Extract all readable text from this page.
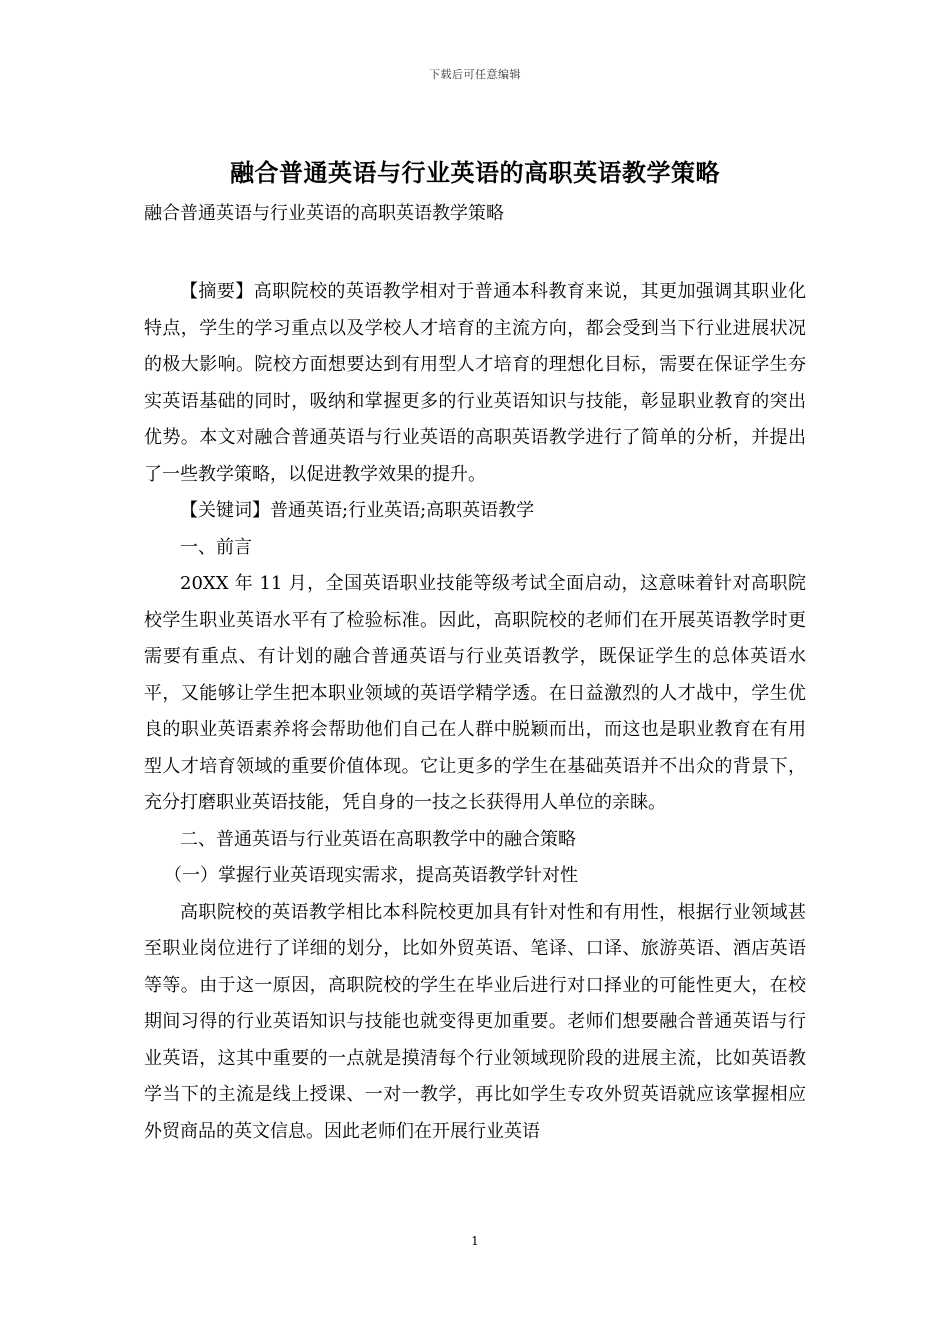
下载后可任意编辑
融合普通英语与行业英语的高职英语教学策略
融合普通英语与行业英语的高职英语教学策略

【摘要】高职院校的英语教学相对于普通本科教育来说，其更加强调其职业化特点，学生的学习重点以及学校人才培育的主流方向，都会受到当下行业进展状况的极大影响。院校方面想要达到有用型人才培育的理想化目标，需要在保证学生夯实英语基础的同时，吸纳和掌握更多的行业英语知识与技能，彰显职业教育的突出优势。本文对融合普通英语与行业英语的高职英语教学进行了简单的分析，并提出了一些教学策略，以促进教学效果的提升。

【关键词】普通英语;行业英语;高职英语教学

一、前言

20XX 年 11 月，全国英语职业技能等级考试全面启动，这意味着针对高职院校学生职业英语水平有了检验标准。因此，高职院校的老师们在开展英语教学时更需要有重点、有计划的融合普通英语与行业英语教学，既保证学生的总体英语水平，又能够让学生把本职业领域的英语学精学透。在日益激烈的人才战中，学生优良的职业英语素养将会帮助他们自己在人群中脱颖而出，而这也是职业教育在有用型人才培育领域的重要价值体现。它让更多的学生在基础英语并不出众的背景下，充分打磨职业英语技能，凭自身的一技之长获得用人单位的亲睐。

二、普通英语与行业英语在高职教学中的融合策略

（一）掌握行业英语现实需求，提高英语教学针对性

高职院校的英语教学相比本科院校更加具有针对性和有用性，根据行业领域甚至职业岗位进行了详细的划分，比如外贸英语、笔译、口译、旅游英语、酒店英语等等。由于这一原因，高职院校的学生在毕业后进行对口择业的可能性更大，在校期间习得的行业英语知识与技能也就变得更加重要。老师们想要融合普通英语与行业英语，这其中重要的一点就是摸清每个行业领域现阶段的进展主流，比如英语教学当下的主流是线上授课、一对一教学，再比如学生专攻外贸英语就应该掌握相应外贸商品的英文信息。因此老师们在开展行业英语

1
